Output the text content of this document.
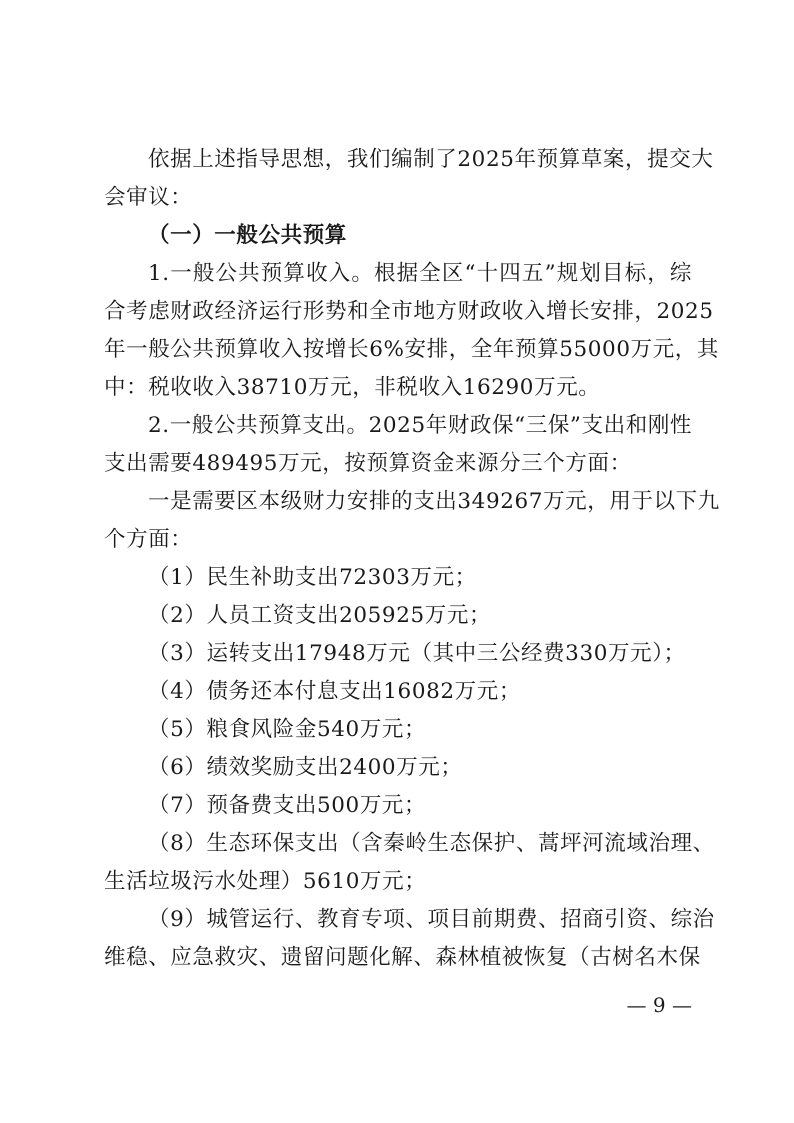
依据上述指导思想，我们编制了2025年预算草案，提交大
会审议：
（一）一般公共预算
1.一般公共预算收入。根据全区“十四五”规划目标，综
合考虑财政经济运行形势和全市地方财政收入增长安排，2025
年一般公共预算收入按增长6%安排，全年预算55000万元，其
中：税收收入38710万元，非税收入16290万元。
2.一般公共预算支出。2025年财政保“三保”支出和刚性
支出需要489495万元，按预算资金来源分三个方面：
一是需要区本级财力安排的支出349267万元，用于以下九
个方面：
（1）民生补助支出72303万元；
（2）人员工资支出205925万元；
（3）运转支出17948万元（其中三公经费330万元）；
（4）债务还本付息支出16082万元；
（5）粮食风险金540万元；
（6）绩效奖励支出2400万元；
（7）预备费支出500万元；
（8）生态环保支出（含秦岭生态保护、蒿坪河流域治理、
生活垃圾污水处理）5610万元；
（9）城管运行、教育专项、项目前期费、招商引资、综治
维稳、应急救灾、遗留问题化解、森林植被恢复（古树名木保
— 9 —
